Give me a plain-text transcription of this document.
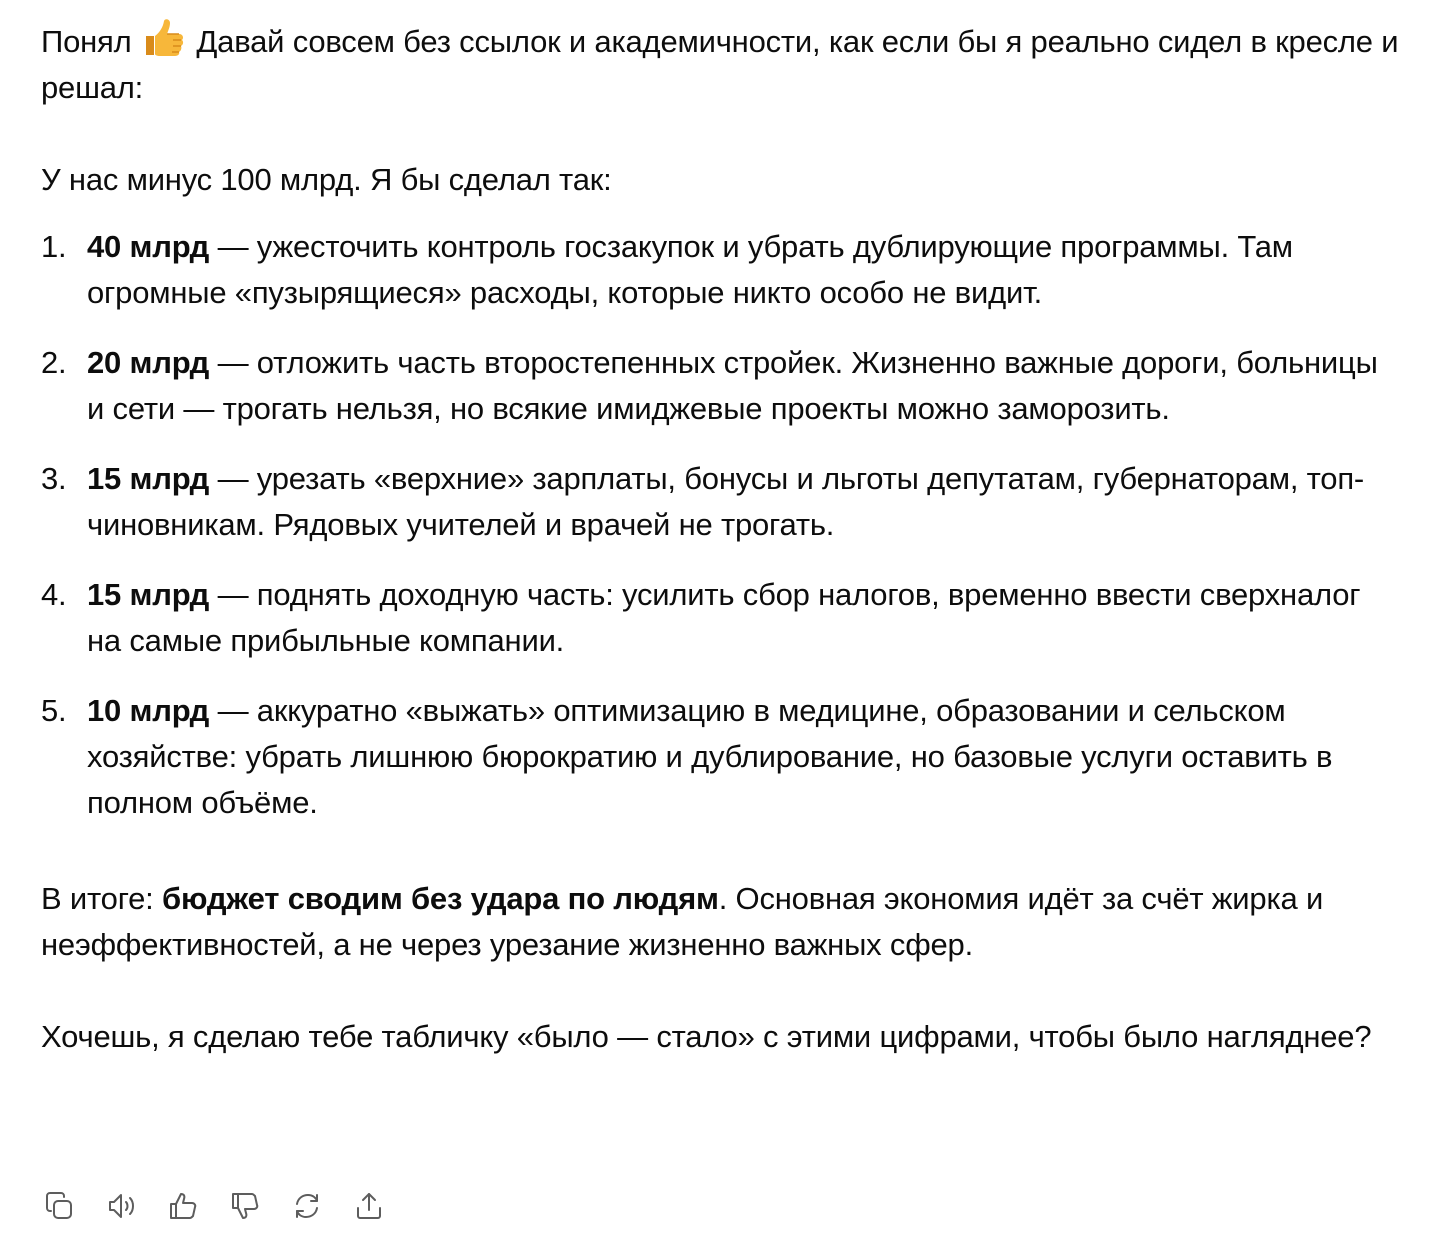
Понял Давай совсем без ссылок и академичности, как если бы я реально сидел в кресле и решал:

У нас минус 100 млрд. Я бы сделал так:

1. 40 млрд — ужесточить контроль госзакупок и убрать дублирующие программы. Там огромные «пузырящиеся» расходы, которые никто особо не видит.
2. 20 млрд — отложить часть второстепенных стройек. Жизненно важные дороги, больницы и сети — трогать нельзя, но всякие имиджевые проекты можно заморозить.
3. 15 млрд — урезать «верхние» зарплаты, бонусы и льготы депутатам, губернаторам, топ-чиновникам. Рядовых учителей и врачей не трогать.
4. 15 млрд — поднять доходную часть: усилить сбор налогов, временно ввести сверхналог на самые прибыльные компании.
5. 10 млрд — аккуратно «выжать» оптимизацию в медицине, образовании и сельском хозяйстве: убрать лишнюю бюрократию и дублирование, но базовые услуги оставить в полном объёме.

В итоге: бюджет сводим без удара по людям. Основная экономия идёт за счёт жирка и неэффективностей, а не через урезание жизненно важных сфер.

Хочешь, я сделаю тебе табличку «было — стало» с этими цифрами, чтобы было нагляднее?
